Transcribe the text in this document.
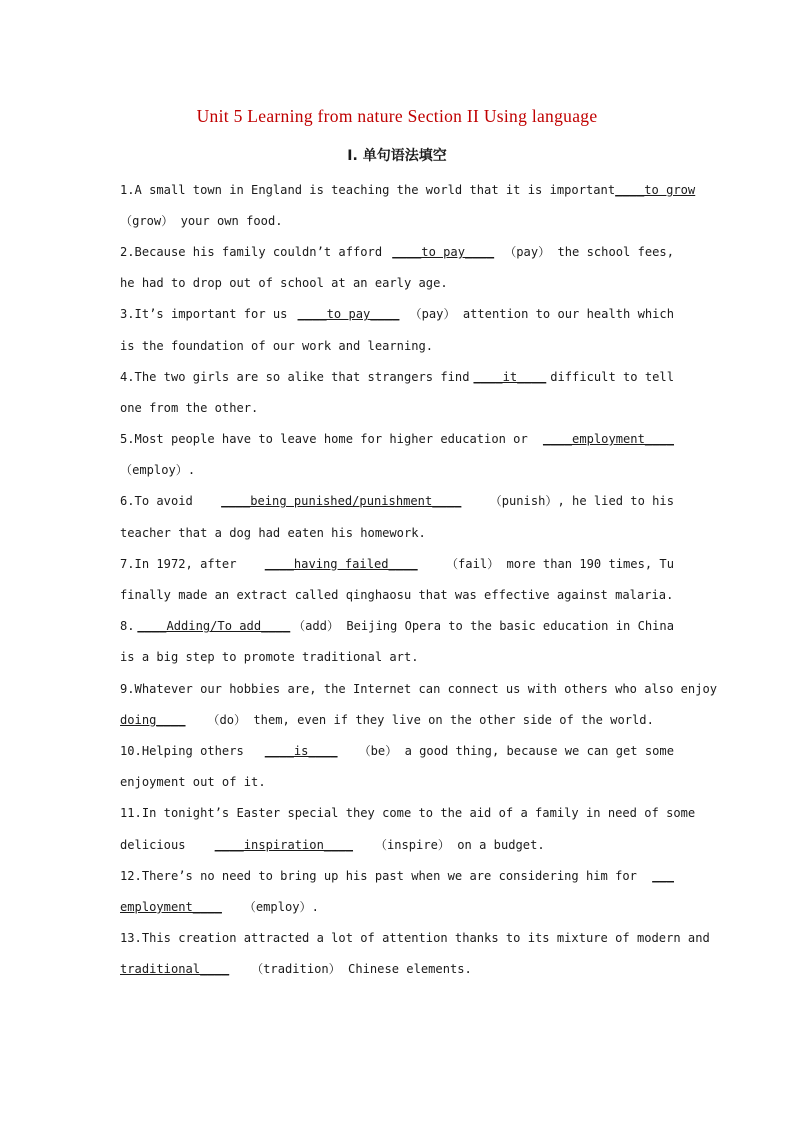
Unit 5 Learning from nature Section II Using language
Ⅰ. 单句语法填空
1.A small town in England is teaching the world that it is important ____to grow
（grow） your own food.
2.Because his family couldn’t afford ____to pay____ （pay） the school fees,
he had to drop out of school at an early age.
3.It’s important for us ____to pay____ （pay） attention to our health which
is the foundation of our work and learning.
4.The two girls are so alike that strangers find ____it____ difficult to tell
one from the other.
5.Most people have to leave home for higher education or ____employment____
（employ）.
6.To avoid ____being punished/punishment____ （punish）, he lied to his
teacher that a dog had eaten his homework.
7.In 1972, after ____having failed____ （fail） more than 190 times, Tu
finally made an extract called qinghaosu that was effective against malaria.
8. ____Adding/To add____ （add） Beijing Opera to the basic education in China
is a big step to promote traditional art.
9.Whatever our hobbies are, the Internet can connect us with others who also enjoy
doing____
（do） them, even if they live on the other side of the world.
10.Helping others ____is____ （be） a good thing, because we can get some
enjoyment out of it.
11.In tonight’s Easter special they come to the aid of a family in need of some
delicious
____inspiration____
（inspire） on a budget.
12.There’s no need to bring up his past when we are considering him for ___
employment____
（employ）.
13.This creation attracted a lot of attention thanks to its mixture of modern and
traditional____
（tradition） Chinese elements.
